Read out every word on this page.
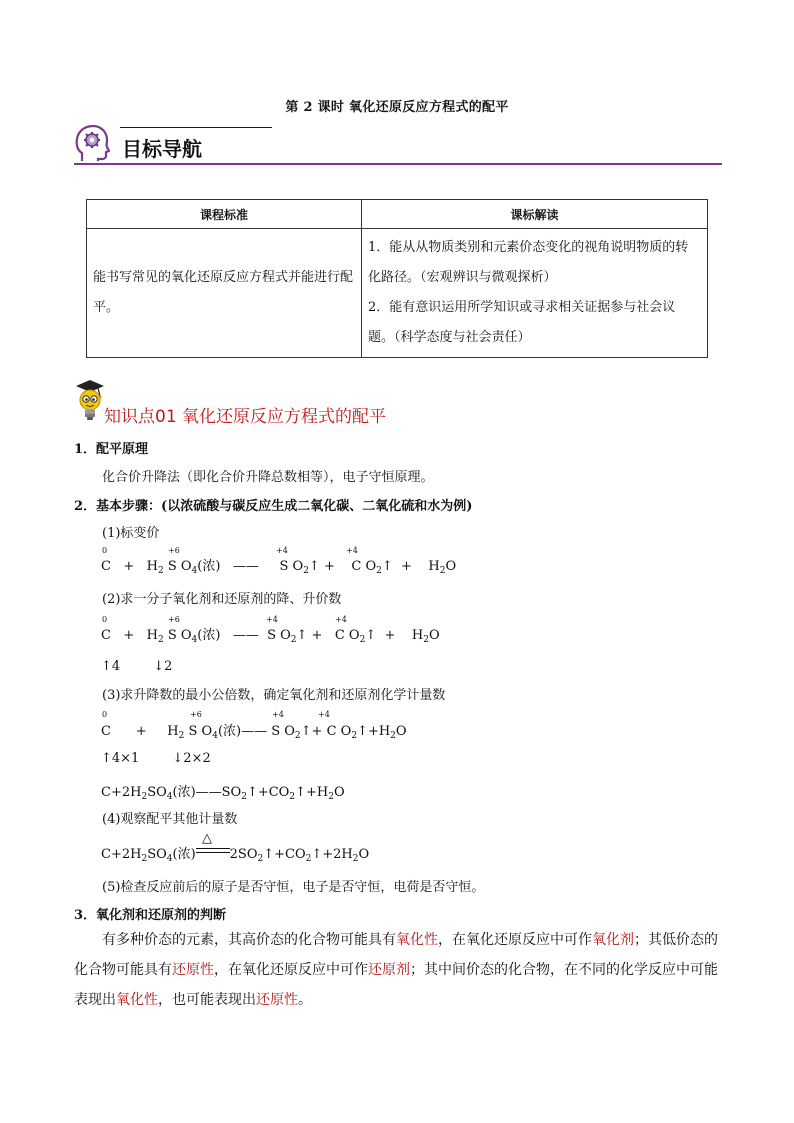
第 2 课时 氧化还原反应方程式的配平
目标导航
课程标准	课标解读
能书写常见的氧化还原反应方程式并能进行配平。	1．能从从物质类别和元素价态变化的视角说明物质的转化路径。（宏观辨识与微观探析）
2．能有意识运用所学知识或寻求相关证据参与社会议题。（科学态度与社会责任）
知识点01 氧化还原反应方程式的配平
1．配平原理
化合价升降法（即化合价升降总数相等），电子守恒原理。
2．基本步骤：(以浓硫酸与碳反应生成二氧化碳、二氧化硫和水为例)
(1)标变价
0	+6	+4	+4
$C + H_2$ S $O_4$(浓)   ——     S $O_2↑$ +    C $O_2↑$  +    $H_2O$
(2)求一分子氧化剂和还原剂的降、升价数
0	+6	+4	+4
$C + H_2$ S $O_4$(浓)   ——  S $O_2↑ + C$ $O_2↑$  +    $H_2O$
↑4	↓2
(3)求升降数的最小公倍数，确定氧化剂和还原剂化学计量数
0	+6	+4	+4
C      +     $H_2$ S $O_4$(浓)—— S $O_2↑+ C$ $O_2↑+H_2O$
↑4×1	↓2×2
$C+2H_2SO_4$(浓)$——SO_2↑+CO_2↑+H_2O$
(4)观察配平其他计量数
△
$C+2H_2SO_4$(浓)	$2SO_2↑+CO_2↑+2H_2O$
(5)检查反应前后的原子是否守恒，电子是否守恒，电荷是否守恒。
3．氧化剂和还原剂的判断
有多种价态的元素，其高价态的化合物可能具有氧化性，在氧化还原反应中可作氧化剂；其低价态的化合物可能具有还原性，在氧化还原反应中可作还原剂；其中间价态的化合物，在不同的化学反应中可能表现出氧化性，也可能表现出还原性。
